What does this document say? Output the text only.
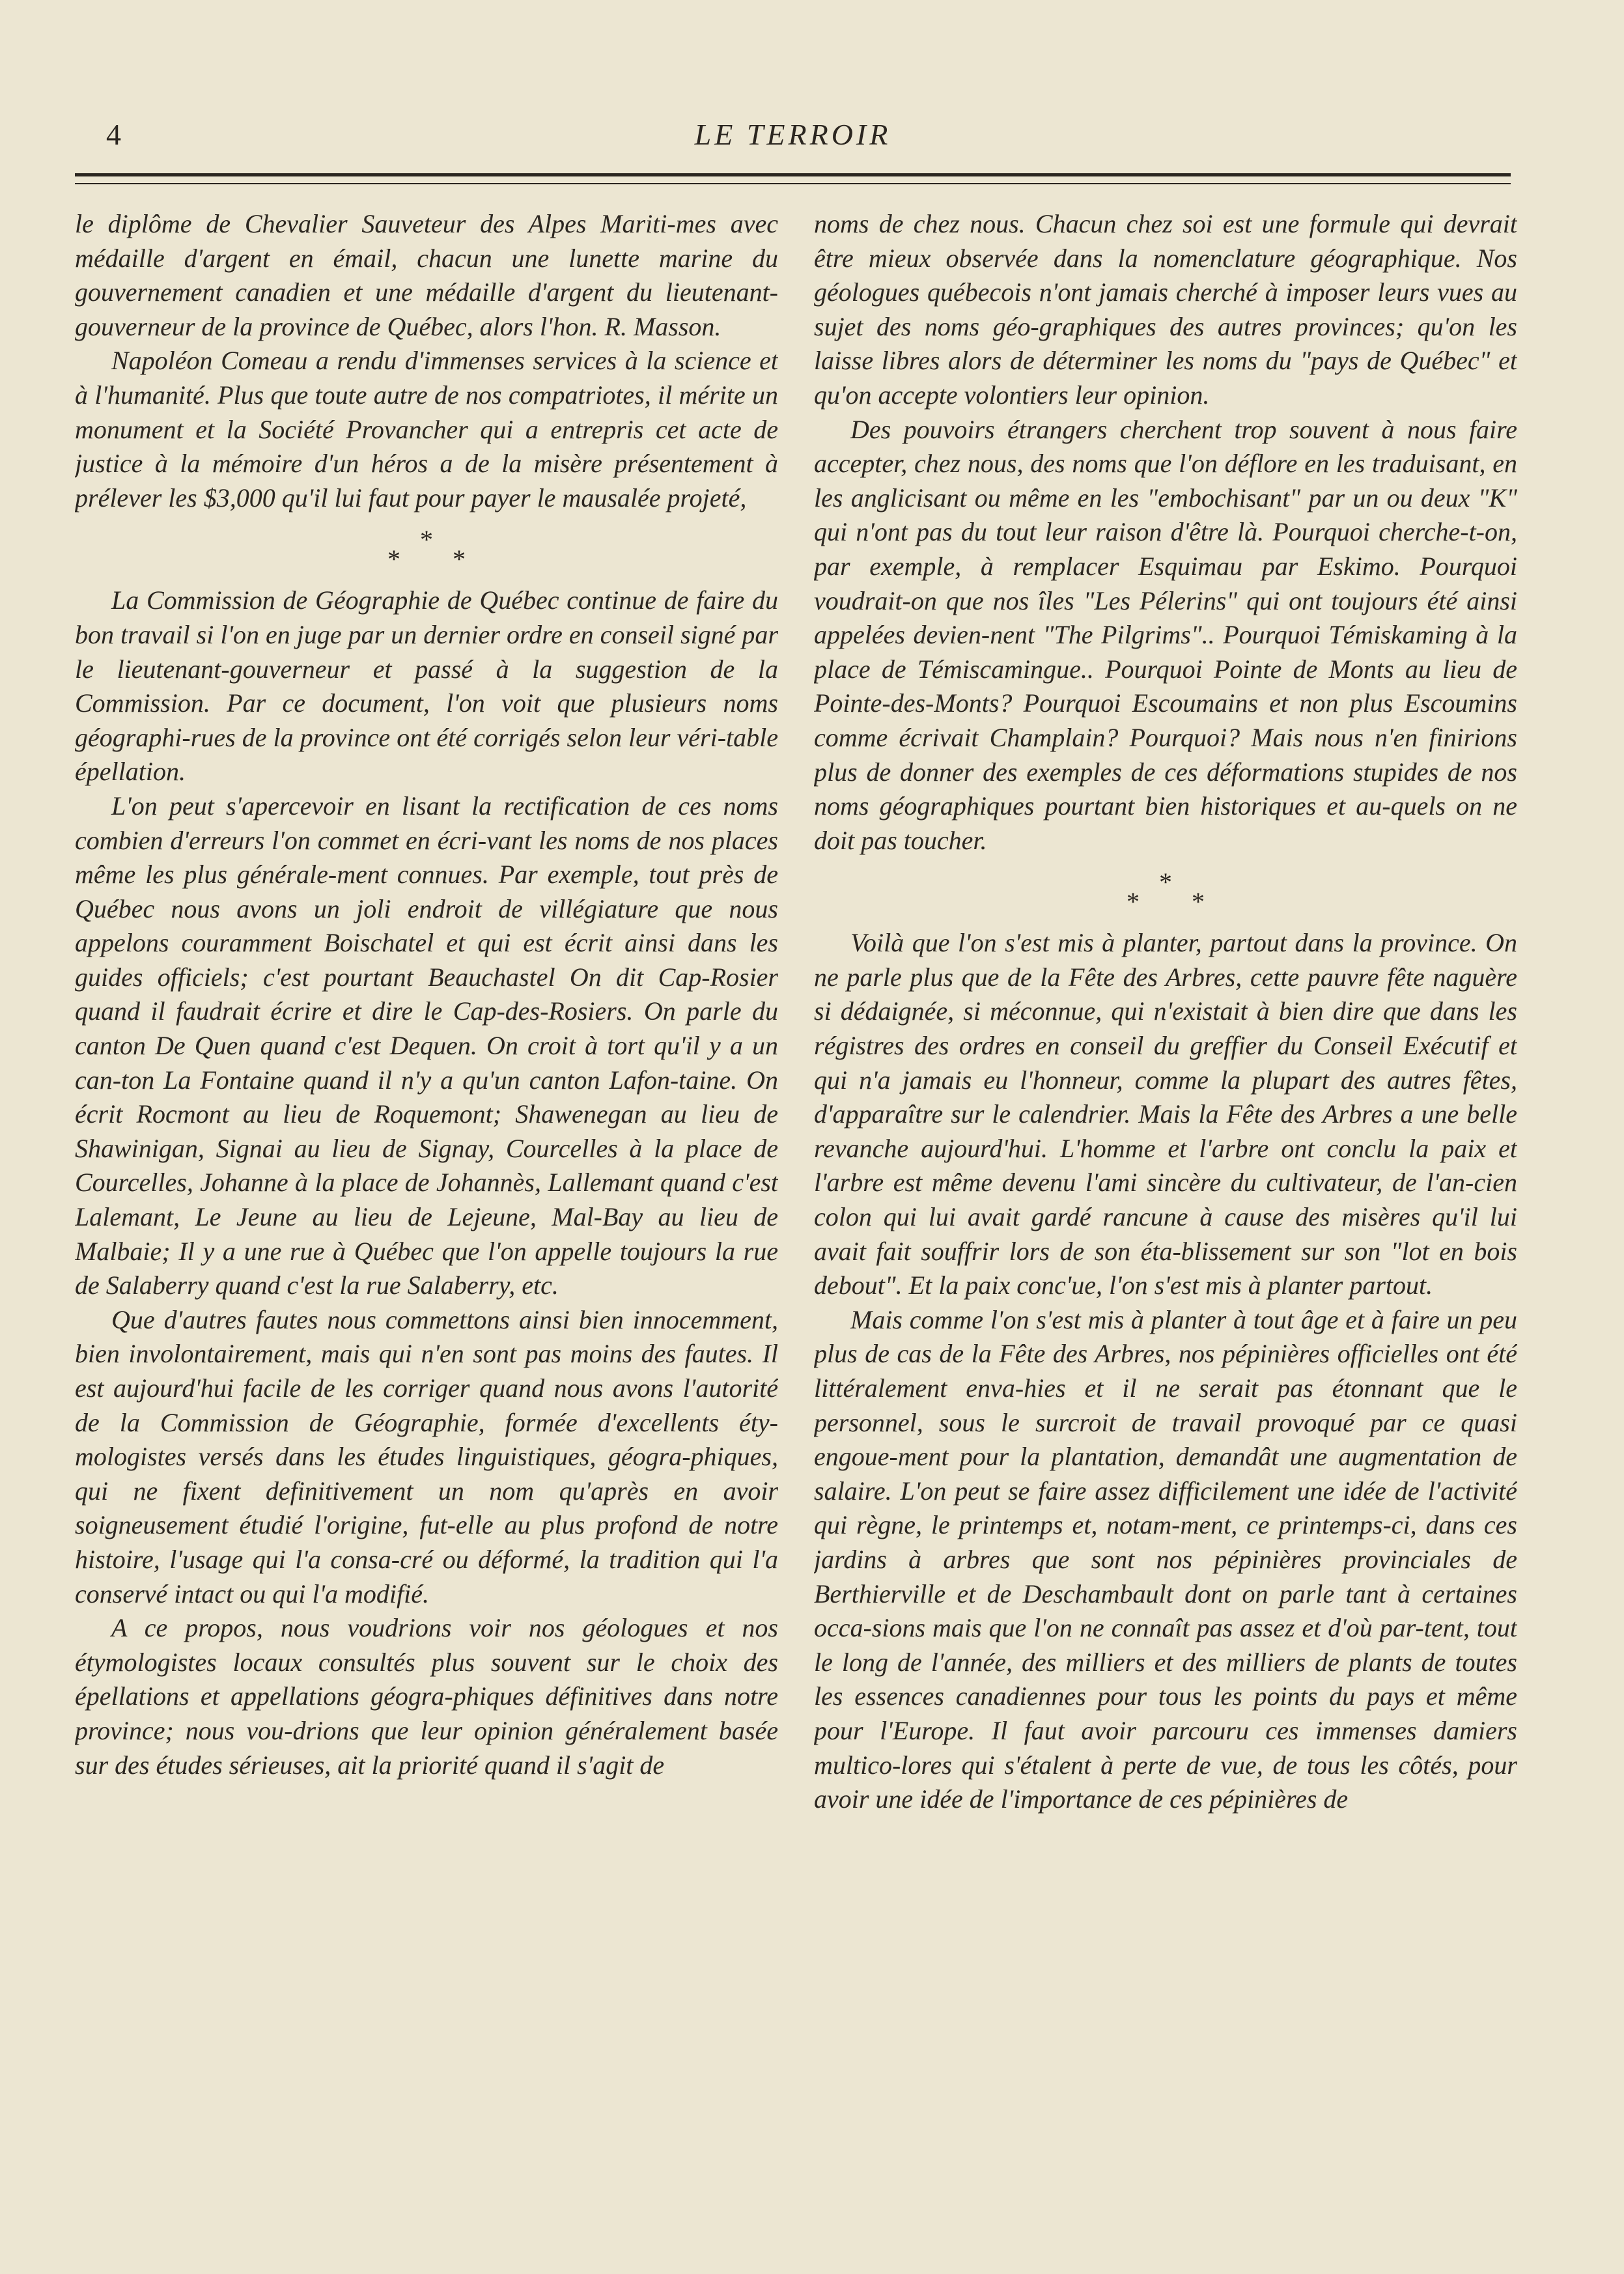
4	LE TERROIR

le diplôme de Chevalier Sauveteur des Alpes Mariti-mes avec médaille d'argent en émail, chacun une lunette marine du gouvernement canadien et une médaille d'argent du lieutenant-gouverneur de la province de Québec, alors l'hon. R. Masson.

Napoléon Comeau a rendu d'immenses services à la science et à l'humanité. Plus que toute autre de nos compatriotes, il mérite un monument et la Société Provancher qui a entrepris cet acte de justice à la mémoire d'un héros a de la misère présentement à prélever les $3,000 qu'il lui faut pour payer le mausalée projeté,

*
* *

La Commission de Géographie de Québec continue de faire du bon travail si l'on en juge par un dernier ordre en conseil signé par le lieutenant-gouverneur et passé à la suggestion de la Commission. Par ce document, l'on voit que plusieurs noms géographi-rues de la province ont été corrigés selon leur véri-table épellation.

L'on peut s'apercevoir en lisant la rectification de ces noms combien d'erreurs l'on commet en écri-vant les noms de nos places même les plus générale-ment connues. Par exemple, tout près de Québec nous avons un joli endroit de villégiature que nous appelons couramment Boischatel et qui est écrit ainsi dans les guides officiels; c'est pourtant Beauchastel On dit Cap-Rosier quand il faudrait écrire et dire le Cap-des-Rosiers. On parle du canton De Quen quand c'est Dequen. On croit à tort qu'il y a un can-ton La Fontaine quand il n'y a qu'un canton Lafon-taine. On écrit Rocmont au lieu de Roquemont; Shawenegan au lieu de Shawinigan, Signai au lieu de Signay, Courcelles à la place de Courcelles, Johanne à la place de Johannès, Lallemant quand c'est Lalemant, Le Jeune au lieu de Lejeune, Mal-Bay au lieu de Malbaie; Il y a une rue à Québec que l'on appelle toujours la rue de Salaberry quand c'est la rue Salaberry, etc.

Que d'autres fautes nous commettons ainsi bien innocemment, bien involontairement, mais qui n'en sont pas moins des fautes. Il est aujourd'hui facile de les corriger quand nous avons l'autorité de la Commission de Géographie, formée d'excellents éty-mologistes versés dans les études linguistiques, géogra-phiques, qui ne fixent definitivement un nom qu'après en avoir soigneusement étudié l'origine, fut-elle au plus profond de notre histoire, l'usage qui l'a consa-cré ou déformé, la tradition qui l'a conservé intact ou qui l'a modifié.

A ce propos, nous voudrions voir nos géologues et nos étymologistes locaux consultés plus souvent sur le choix des épellations et appellations géogra-phiques définitives dans notre province; nous vou-drions que leur opinion généralement basée sur des études sérieuses, ait la priorité quand il s'agit de

noms de chez nous. Chacun chez soi est une formule qui devrait être mieux observée dans la nomenclature géographique. Nos géologues québecois n'ont jamais cherché à imposer leurs vues au sujet des noms géo-graphiques des autres provinces; qu'on les laisse libres alors de déterminer les noms du "pays de Québec" et qu'on accepte volontiers leur opinion.

Des pouvoirs étrangers cherchent trop souvent à nous faire accepter, chez nous, des noms que l'on déflore en les traduisant, en les anglicisant ou même en les "embochisant" par un ou deux "K" qui n'ont pas du tout leur raison d'être là. Pourquoi cherche-t-on, par exemple, à remplacer Esquimau par Eskimo. Pourquoi voudrait-on que nos îles "Les Pélerins" qui ont toujours été ainsi appelées devien-nent "The Pilgrims".. Pourquoi Témiskaming à la place de Témiscamingue.. Pourquoi Pointe de Monts au lieu de Pointe-des-Monts? Pourquoi Escoumains et non plus Escoumins comme écrivait Champlain? Pourquoi? Mais nous n'en finirions plus de donner des exemples de ces déformations stupides de nos noms géographiques pourtant bien historiques et au-quels on ne doit pas toucher.

*
* *

Voilà que l'on s'est mis à planter, partout dans la province. On ne parle plus que de la Fête des Arbres, cette pauvre fête naguère si dédaignée, si méconnue, qui n'existait à bien dire que dans les régistres des ordres en conseil du greffier du Conseil Exécutif et qui n'a jamais eu l'honneur, comme la plupart des autres fêtes, d'apparaître sur le calendrier. Mais la Fête des Arbres a une belle revanche aujourd'hui. L'homme et l'arbre ont conclu la paix et l'arbre est même devenu l'ami sincère du cultivateur, de l'an-cien colon qui lui avait gardé rancune à cause des misères qu'il lui avait fait souffrir lors de son éta-blissement sur son "lot en bois debout". Et la paix conc'ue, l'on s'est mis à planter partout.

Mais comme l'on s'est mis à planter à tout âge et à faire un peu plus de cas de la Fête des Arbres, nos pépinières officielles ont été littéralement enva-hies et il ne serait pas étonnant que le personnel, sous le surcroit de travail provoqué par ce quasi engoue-ment pour la plantation, demandât une augmentation de salaire. L'on peut se faire assez difficilement une idée de l'activité qui règne, le printemps et, notam-ment, ce printemps-ci, dans ces jardins à arbres que sont nos pépinières provinciales de Berthierville et de Deschambault dont on parle tant à certaines occa-sions mais que l'on ne connaît pas assez et d'où par-tent, tout le long de l'année, des milliers et des milliers de plants de toutes les essences canadiennes pour tous les points du pays et même pour l'Europe. Il faut avoir parcouru ces immenses damiers multico-lores qui s'étalent à perte de vue, de tous les côtés, pour avoir une idée de l'importance de ces pépinières de
